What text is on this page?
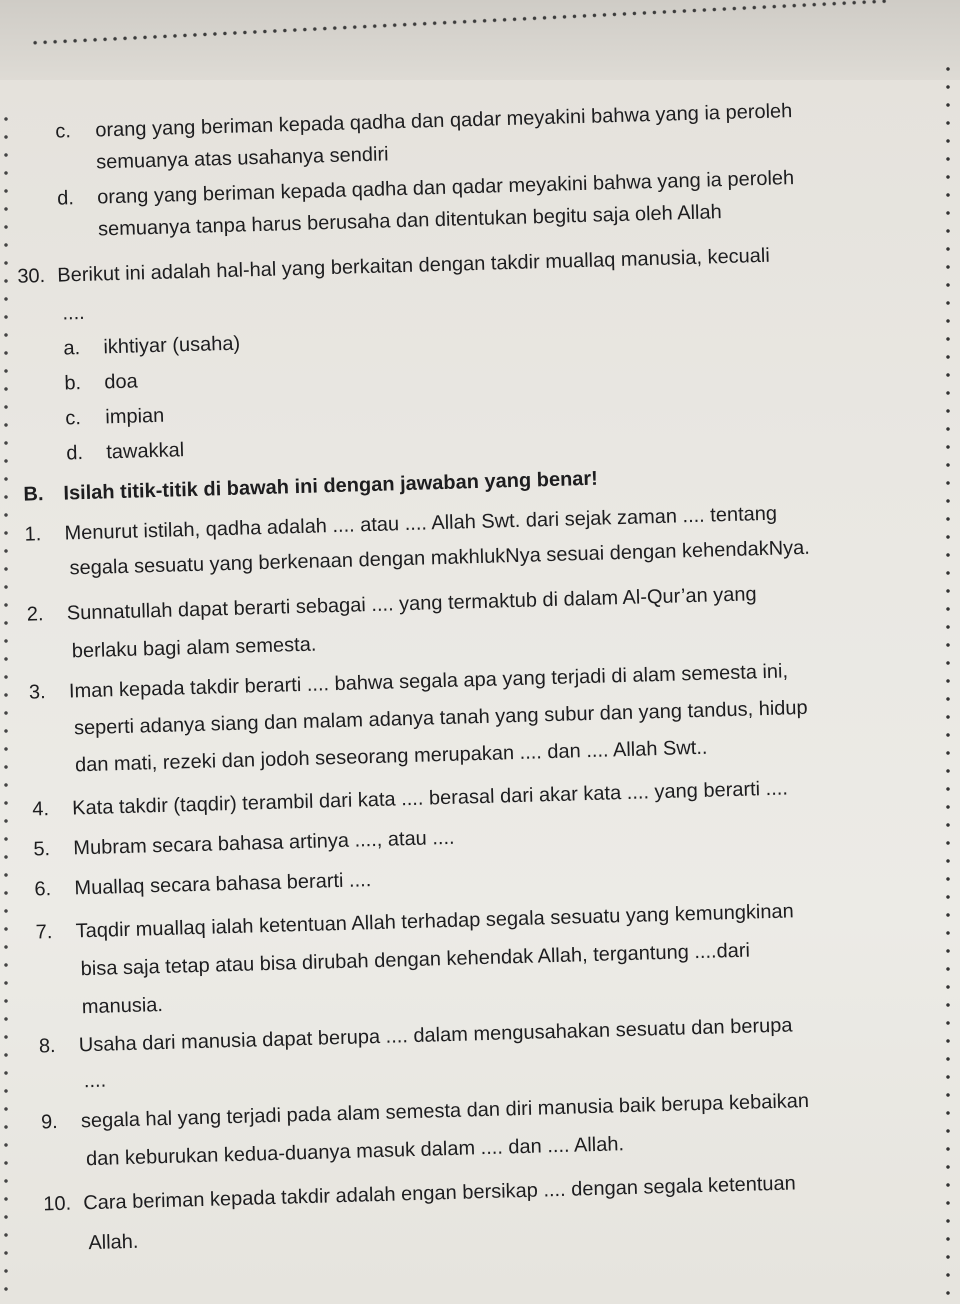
c. orang yang beriman kepada qadha dan qadar meyakini bahwa yang ia peroleh
semuanya atas usahanya sendiri
d. orang yang beriman kepada qadha dan qadar meyakini bahwa yang ia peroleh
semuanya tanpa harus berusaha dan ditentukan begitu saja oleh Allah
30. Berikut ini adalah hal-hal yang berkaitan dengan takdir muallaq manusia, kecuali
....
a. ikhtiyar (usaha)
b. doa
c. impian
d. tawakkal
B. Isilah titik-titik di bawah ini dengan jawaban yang benar!
1. Menurut istilah, qadha adalah .... atau .... Allah Swt. dari sejak zaman .... tentang
segala sesuatu yang berkenaan dengan makhlukNya sesuai dengan kehendakNya.
2. Sunnatullah dapat berarti sebagai .... yang termaktub di dalam Al-Qur’an yang
berlaku bagi alam semesta.
3. Iman kepada takdir berarti .... bahwa segala apa yang terjadi di alam semesta ini,
seperti adanya siang dan malam adanya tanah yang subur dan yang tandus, hidup
dan mati, rezeki dan jodoh seseorang merupakan .... dan .... Allah Swt..
4. Kata takdir (taqdir) terambil dari kata .... berasal dari akar kata .... yang berarti ....
5. Mubram secara bahasa artinya ...., atau ....
6. Muallaq secara bahasa berarti ....
7. Taqdir muallaq ialah ketentuan Allah terhadap segala sesuatu yang kemungkinan
bisa saja tetap atau bisa dirubah dengan kehendak Allah, tergantung ....dari
manusia.
8. Usaha dari manusia dapat berupa .... dalam mengusahakan sesuatu dan berupa
....
9. segala hal yang terjadi pada alam semesta dan diri manusia baik berupa kebaikan
dan keburukan kedua-duanya masuk dalam .... dan .... Allah.
10. Cara beriman kepada takdir adalah engan bersikap .... dengan segala ketentuan
Allah.
